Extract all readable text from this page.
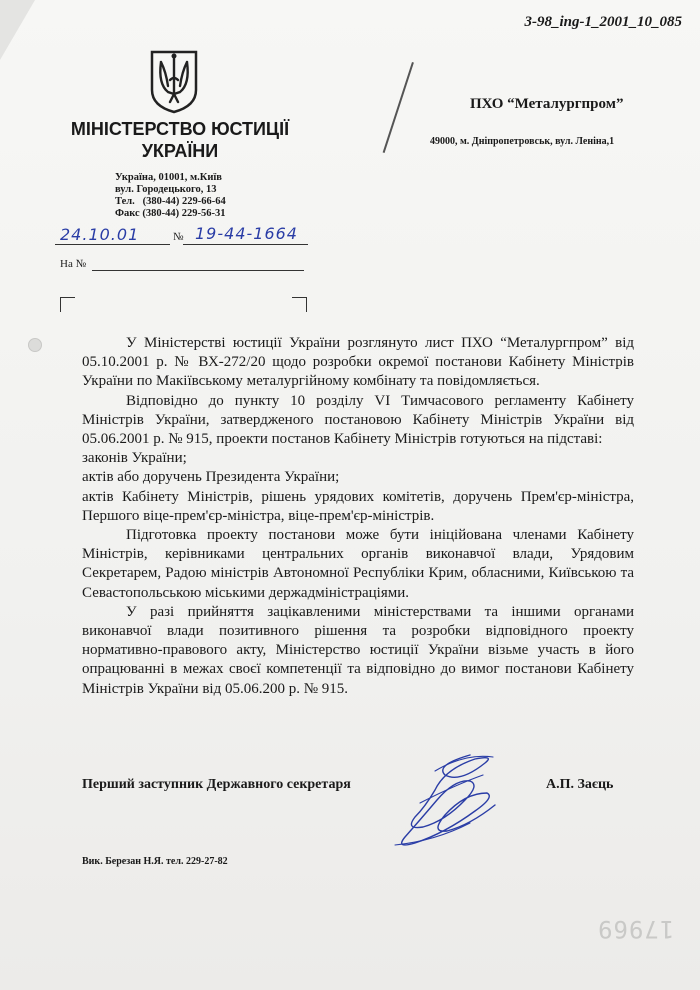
3-98_ing-1_2001_10_085
МІНІСТЕРСТВО ЮСТИЦІЇ
УКРАЇНИ
Україна, 01001, м.Київ
вул. Городецького, 13
Тел.   (380-44) 229-66-64
Факс (380-44) 229-56-31
ПХО “Металургпром”
49000, м. Дніпропетровськ, вул. Леніна,1
24.10.01	№ 19-44-1664
На №

У Міністерстві юстиції України розглянуто лист ПХО “Металургпром” від 05.10.2001 р. № ВХ-272/20 щодо розробки окремої постанови Кабінету Міністрів України по Макіївському металургійному комбінату та повідомляється.

Відповідно до пункту 10 розділу VI Тимчасового регламенту Кабінету Міністрів України, затвердженого постановою Кабінету Міністрів України від 05.06.2001 р. № 915, проекти постанов Кабінету Міністрів готуються на підставі:

законів України;

актів або доручень Президента України;

актів Кабінету Міністрів, рішень урядових комітетів, доручень Прем'єр-міністра, Першого віце-прем'єр-міністра, віце-прем'єр-міністрів.

Підготовка проекту постанови може бути ініційована членами Кабінету Міністрів, керівниками центральних органів виконавчої влади, Урядовим Секретарем, Радою міністрів Автономної Республіки Крим, обласними, Київською та Севастопольською міськими держадміністраціями.

У разі прийняття зацікавленими міністерствами та іншими органами виконавчої влади позитивного рішення та розробки відповідного проекту нормативно-правового акту, Міністерство юстиції України візьме участь в його опрацюванні в межах своєї компетенції та відповідно до вимог постанови Кабінету Міністрів України від 05.06.200 р. № 915.

Перший заступник Державного секретаря	А.П. Заєць
Вик. Березан Н.Я. тел. 229-27-82
17969
